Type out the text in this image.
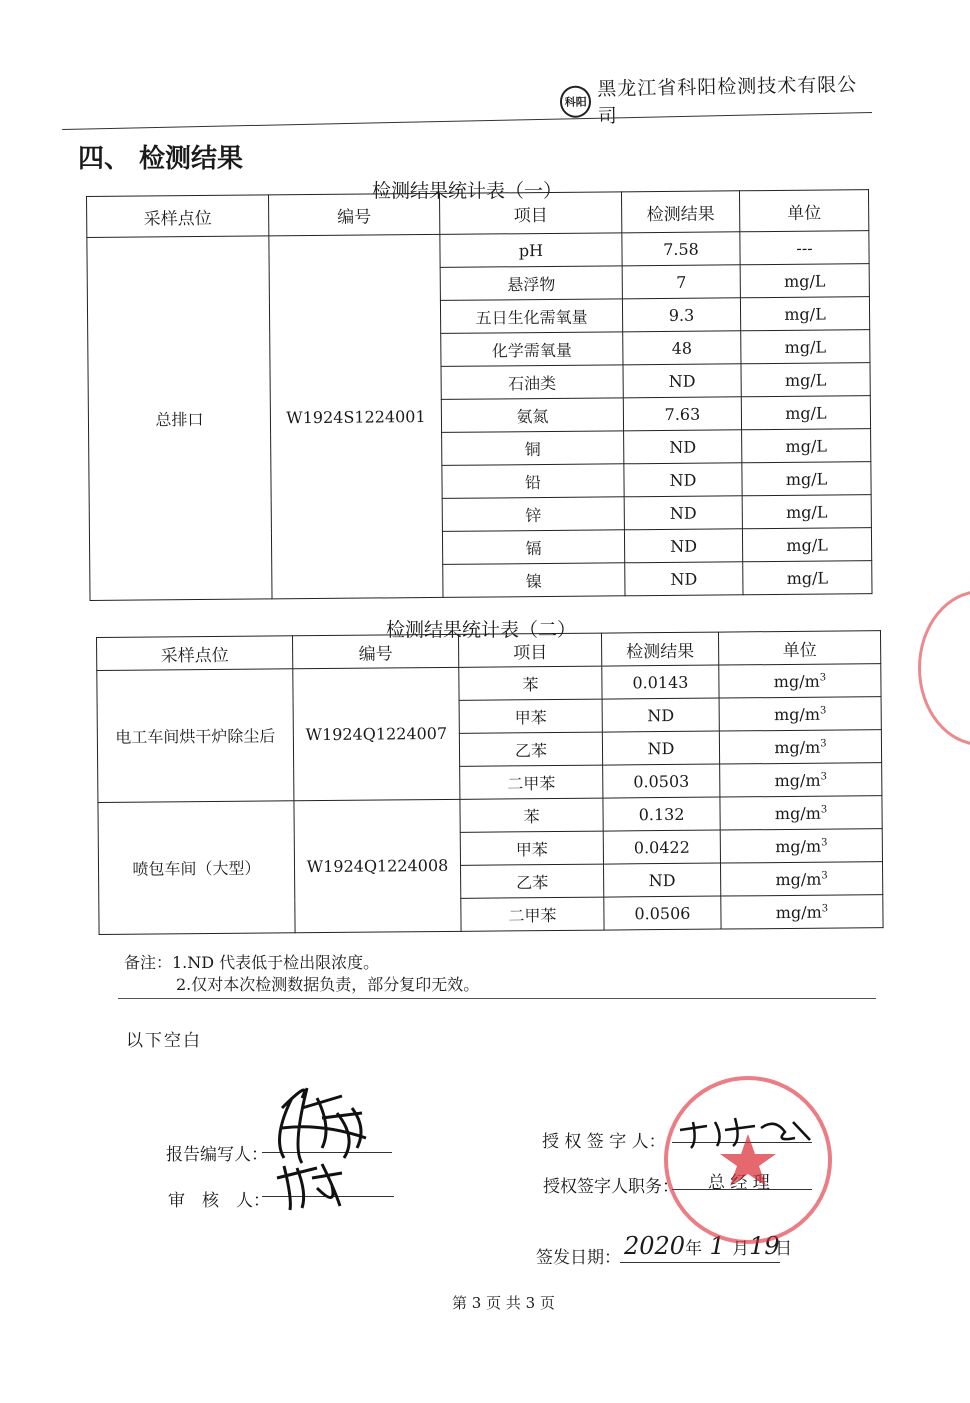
科阳
黑龙江省科阳检测技术有限公司
四、 检测结果
检测结果统计表（一）
采样点位	编号	项目	检测结果	单位
总排口	W1924S1224001	pH	7.58	---
		悬浮物	7	mg/L
		五日生化需氧量	9.3	mg/L
		化学需氧量	48	mg/L
		石油类	ND	mg/L
		氨氮	7.63	mg/L
		铜	ND	mg/L
		铅	ND	mg/L
		锌	ND	mg/L
		镉	ND	mg/L
		镍	ND	mg/L
检测结果统计表（二）
采样点位	编号	项目	检测结果	单位
电工车间烘干炉除尘后	W1924Q1224007	苯	0.0143	$mg/m^3$
		甲苯	ND	$mg/m^3$
		乙苯	ND	$mg/m^3$
		二甲苯	0.0503	$mg/m^3$
喷包车间（大型）	W1924Q1224008	苯	0.132	$mg/m^3$
		甲苯	0.0422	$mg/m^3$
		乙苯	ND	$mg/m^3$
		二甲苯	0.0506	$mg/m^3$
备注：1.ND 代表低于检出限浓度。
2.仅对本次检测数据负责，部分复印无效。
以下空白
报告编写人：
审　核　人：
授 权 签 字 人：
授权签字人职务： 总 经 理
签发日期： 2020年 1 月19日
第 3 页 共 3 页
